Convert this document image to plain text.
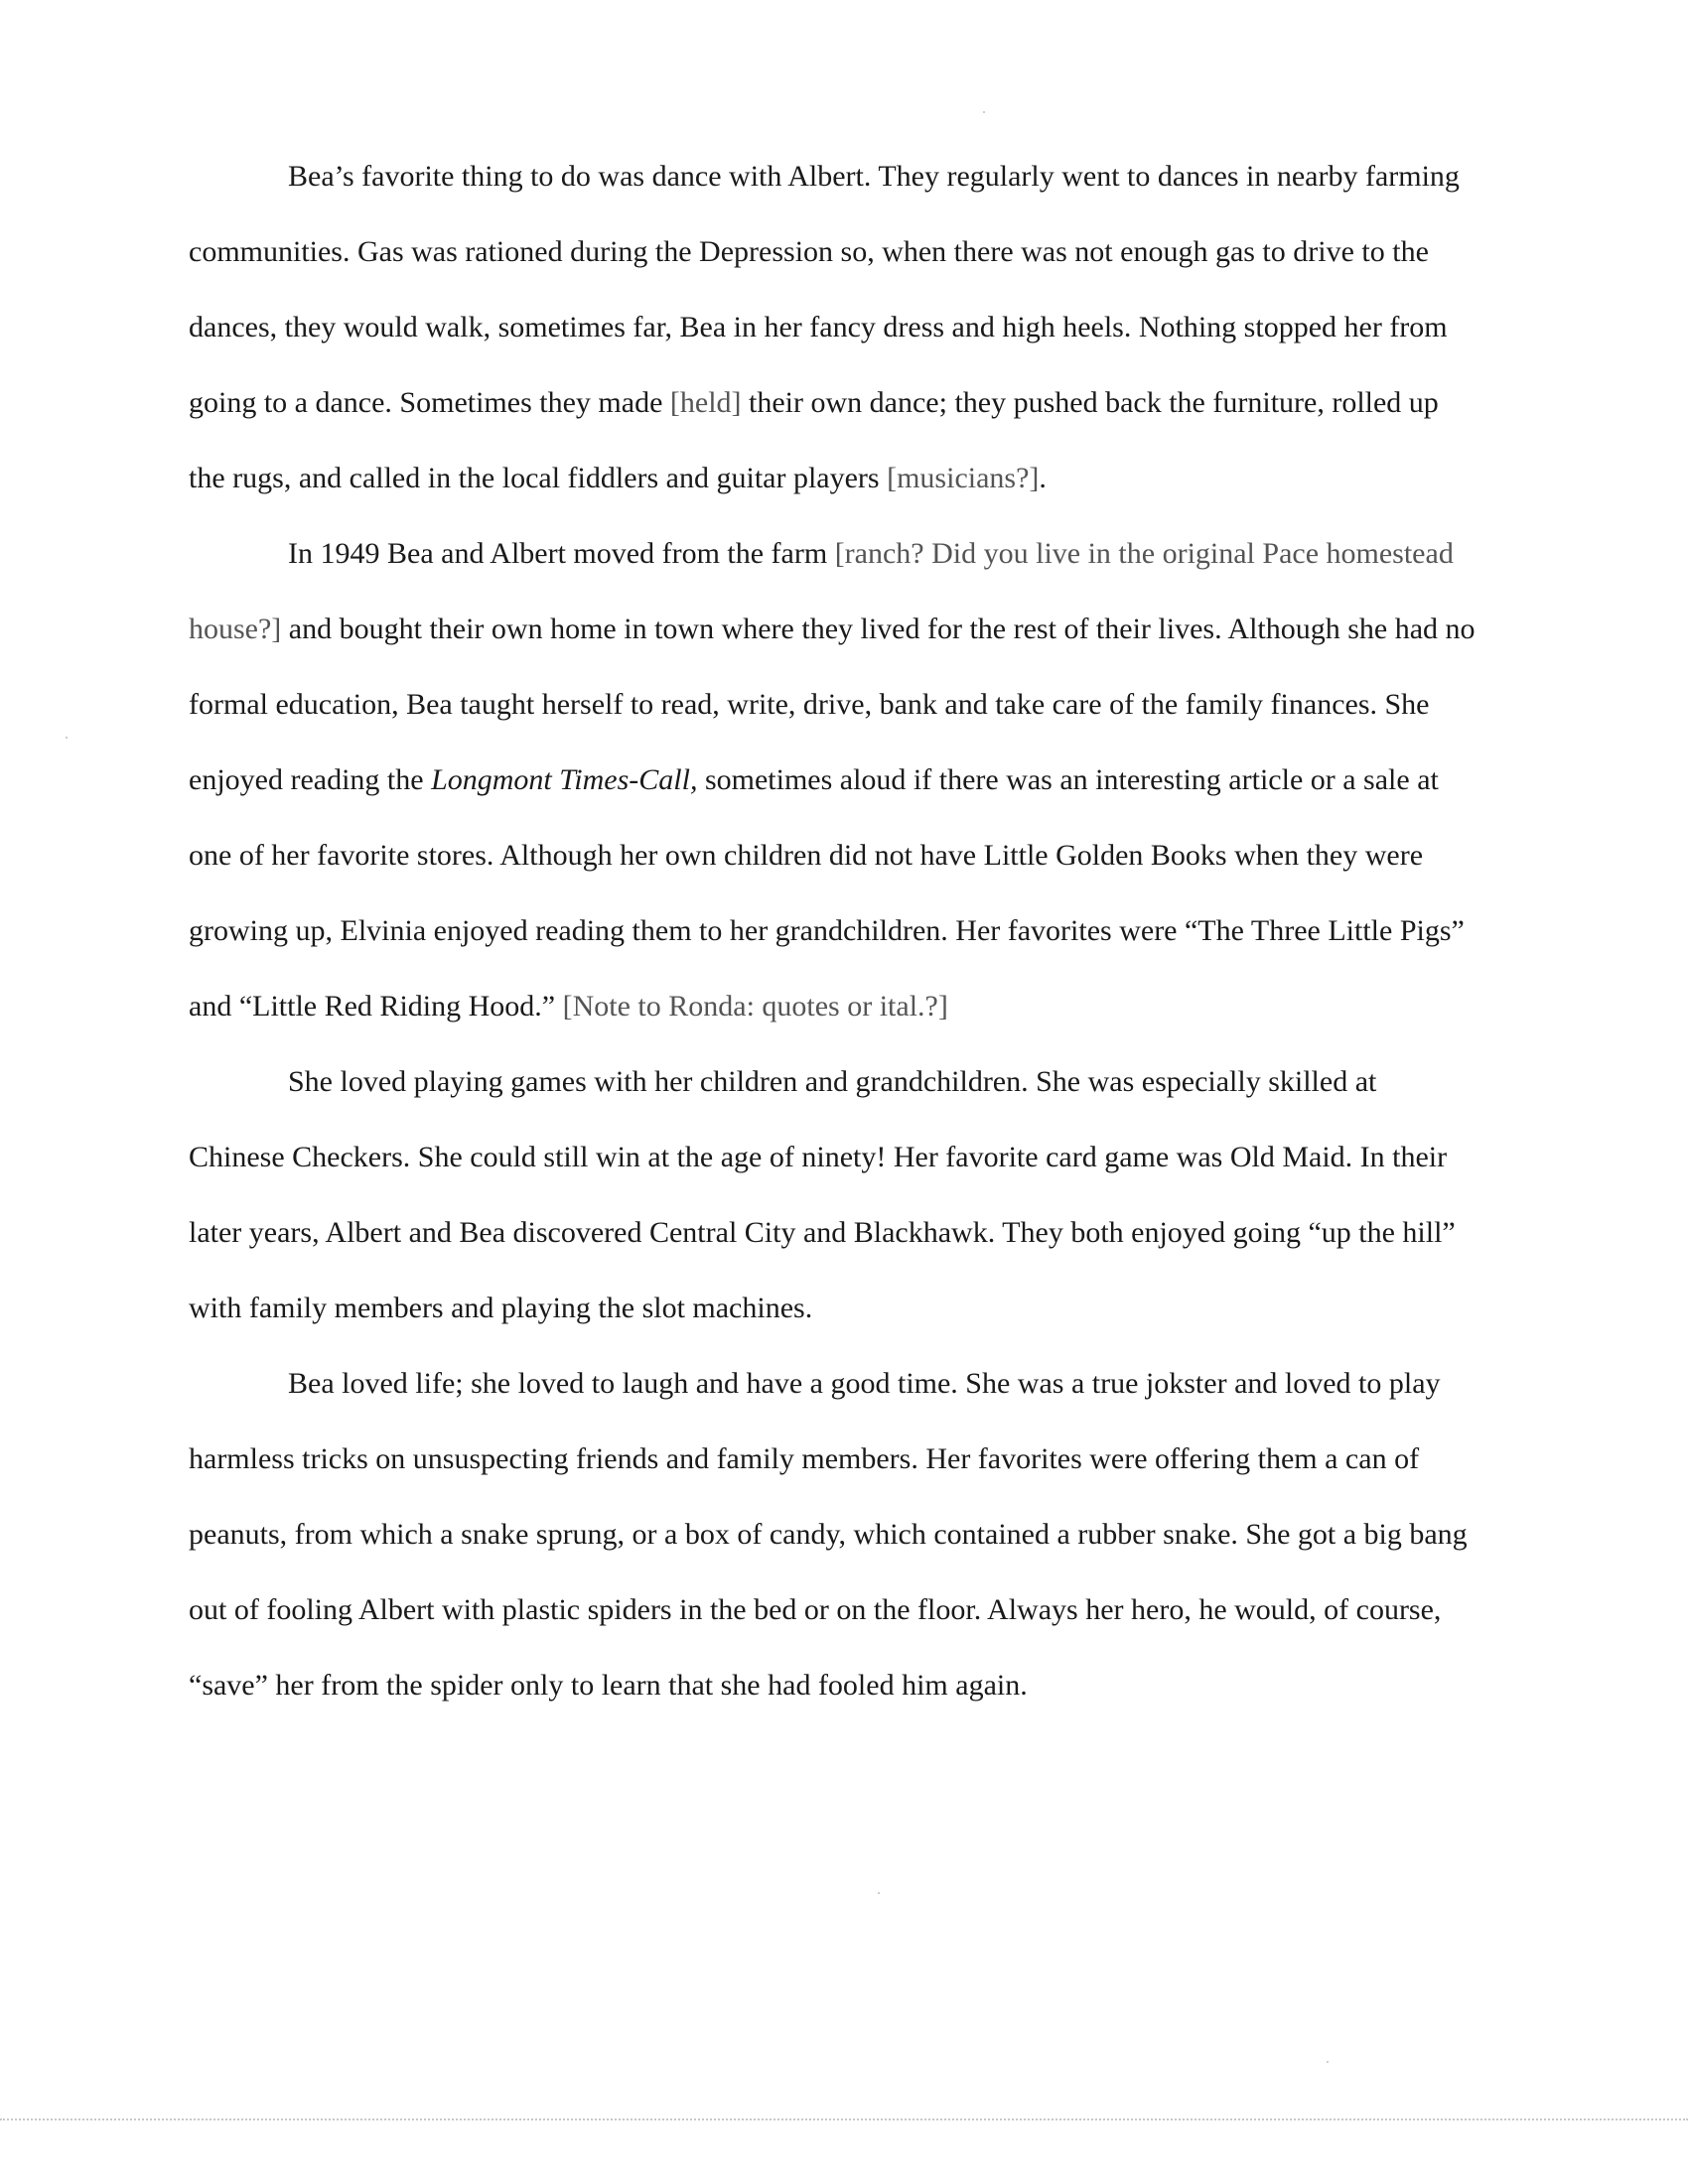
Bea’s favorite thing to do was dance with Albert. They regularly went to dances in nearby farming communities. Gas was rationed during the Depression so, when there was not enough gas to drive to the dances, they would walk, sometimes far, Bea in her fancy dress and high heels. Nothing stopped her from going to a dance. Sometimes they made [held] their own dance; they pushed back the furniture, rolled up the rugs, and called in the local fiddlers and guitar players [musicians?].

In 1949 Bea and Albert moved from the farm [ranch? Did you live in the original Pace homestead house?] and bought their own home in town where they lived for the rest of their lives. Although she had no formal education, Bea taught herself to read, write, drive, bank and take care of the family finances. She enjoyed reading the Longmont Times-Call, sometimes aloud if there was an interesting article or a sale at one of her favorite stores. Although her own children did not have Little Golden Books when they were growing up, Elvinia enjoyed reading them to her grandchildren. Her favorites were “The Three Little Pigs” and “Little Red Riding Hood.” [Note to Ronda: quotes or ital.?]

She loved playing games with her children and grandchildren. She was especially skilled at Chinese Checkers. She could still win at the age of ninety! Her favorite card game was Old Maid. In their later years, Albert and Bea discovered Central City and Blackhawk. They both enjoyed going “up the hill” with family members and playing the slot machines.

Bea loved life; she loved to laugh and have a good time. She was a true jokster and loved to play harmless tricks on unsuspecting friends and family members. Her favorites were offering them a can of peanuts, from which a snake sprung, or a box of candy, which contained a rubber snake. She got a big bang out of fooling Albert with plastic spiders in the bed or on the floor. Always her hero, he would, of course, “save” her from the spider only to learn that she had fooled him again.
